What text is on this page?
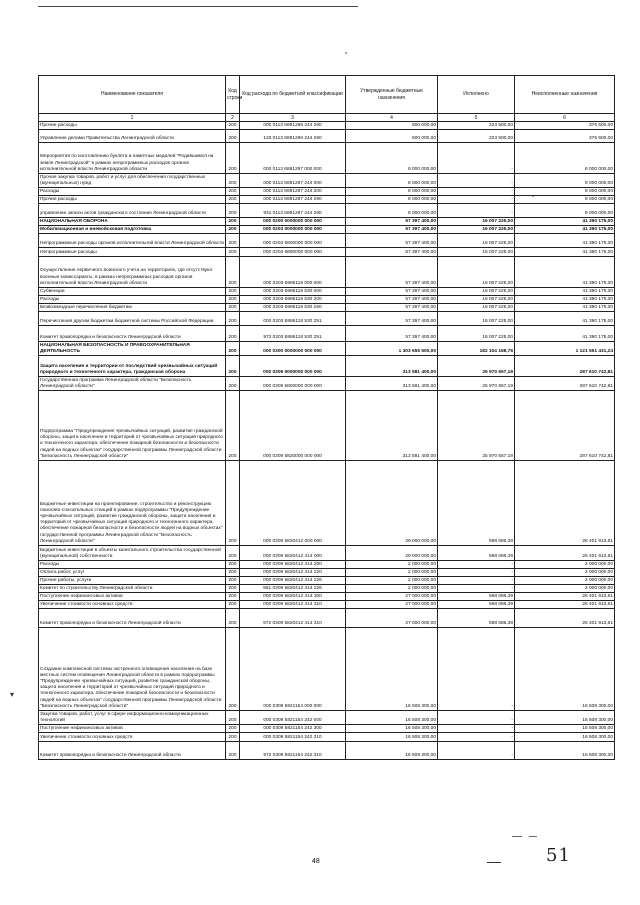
Наименование показателя	Код строки	Код расхода по бюджетной классификации	Утвержденные бюджетные назначения	Исполнено	Неисполненные назначения
1	2	3	4	5	6
Прочие расходы	200	000 0113 6891296 244 290	600 000,00	223 500,00	376 500,00
Управление делами Правительства Ленинградской области	200	133 0113 6891296 244 290	600 000,00	223 500,00	376 500,00
Мероприятия по изготовлению буклета и памятных медалей "Родившимся на земле Ленинградской" в рамках непрограммных расходов органов исполнительной власти Ленинградской области	200	000 0113 6891297 000 000	8 000 000,00	-	8 000 000,00
Прочая закупка товаров, работ и услуг для обеспечения государственных (муниципальных) нужд	200	000 0113 6891297 244 000	8 000 000,00	-	8 000 000,00
Расходы	200	000 0113 6891297 244 200	8 000 000,00	-	8 000 000,00
Прочие расходы	200	000 0113 6891297 244 290	8 000 000,00	-	8 000 000,00
управление записи актов гражданского состояния Ленинградской области	200	931 0113 6891297 244 290	8 000 000,00	-	8 000 000,00
НАЦИОНАЛЬНАЯ ОБОРОНА	200	000 0200 0000000 000 000	57 397 400,00	16 007 225,00	41 390 175,00
Мобилизационная и вневойсковая подготовка	200	000 0203 0000000 000 000	57 397 400,00	16 007 225,00	41 390 175,00
Непрограммные расходы органов исполнительной власти Ленинградской области	200	000 0203 6800000 000 000	57 397 400,00	16 007 225,00	41 390 175,00
Непрограммные расходы	200	000 0203 6890000 000 000	57 397 400,00	16 007 225,00	41 390 175,00
Осуществление первичного воинского учета на территориях, где отсутствуют военные комиссариаты, в рамках непрограммных расходов органов исполнительной власти Ленинградской области	200	000 0203 6895118 000 000	57 397 400,00	16 007 225,00	41 390 175,00
Субвенции	200	000 0203 6895118 530 000	57 397 400,00	16 007 225,00	41 390 175,00
Расходы	200	000 0203 6895118 530 200	57 397 400,00	16 007 225,00	41 390 175,00
Безвозмездные перечисления бюджетам	200	000 0203 6895118 530 250	57 397 400,00	16 007 225,00	41 390 175,00
Перечисления другим бюджетам бюджетной системы Российской Федерации	200	000 0203 6895118 530 251	57 397 400,00	16 007 225,00	41 390 175,00
Комитет правопорядка и безопасности Ленинградской области	200	972 0203 6895118 530 251	57 397 400,00	16 007 225,00	41 390 175,00
НАЦИОНАЛЬНАЯ БЕЗОПАСНОСТЬ И ПРАВООХРАНИТЕЛЬНАЯ ДЕЯТЕЛЬНОСТЬ	200	000 0300 0000000 000 000	1 303 655 600,00	182 104 168,76	1 121 551 431,24
Защита населения и территории от последствий чрезвычайных ситуаций природного и техногенного характера, гражданская оборона	200	000 0309 0000000 000 000	313 581 400,00	25 970 657,19	287 610 742,81
Государственная программа Ленинградской области "Безопасность Ленинградской области"	200	000 0309 5800000 000 000	313 581 400,00	25 970 657,19	287 610 742,81
Подпрограмма "Предупреждение чрезвычайных ситуаций, развитие гражданской обороны, защита населения и территорий от чрезвычайных ситуаций природного и техногенного характера, обеспечение пожарной безопасности и безопасности людей на водных объектах" государственной программы Ленинградской области "Безопасность Ленинградской области"	200	000 0309 5820000 000 000	313 581 400,00	25 970 657,19	287 610 742,81
Бюджетные инвестиции на проектирование, строительство и реконструкцию поисково-спасательных станций в рамках подпрограммы "Предупреждение чрезвычайных ситуаций, развитие гражданской обороны, защита населения и территорий от чрезвычайных ситуаций природного и техногенного характера, обеспечение пожарной безопасности и безопасности людей на водных объектах" государственной программы Ленинградской области "Безопасность Ленинградской области"	200	000 0309 5820412 000 000	29 000 000,00	598 086,39	28 401 913,61
Бюджетные инвестиции в объекты капитального строительства государственной (муниципальной) собственности	200	000 0309 5820412 414 000	29 000 000,00	598 086,39	28 401 913,61
Расходы	200	000 0309 5820412 414 200	2 000 000,00	-	2 000 000,00
Оплата работ, услуг	200	000 0309 5820412 414 220	2 000 000,00	-	2 000 000,00
Прочие работы, услуги	200	000 0309 5820412 414 226	2 000 000,00	-	2 000 000,00
Комитет по строительству Ленинградской области	200	981 0309 5820412 414 226	2 000 000,00	-	2 000 000,00
Поступление нефинансовых активов	200	000 0309 5820412 414 300	27 000 000,00	598 086,39	26 401 913,61
Увеличение стоимости основных средств	200	000 0309 5820412 414 310	27 000 000,00	598 086,39	26 401 913,61
Комитет правопорядка и безопасности Ленинградской области	200	972 0309 5820412 414 310	27 000 000,00	598 086,39	26 401 913,61
Создание комплексной системы экстренного оповещения населения на базе местных систем оповещения Ленинградской области в рамках подпрограммы "Предупреждение чрезвычайных ситуаций, развитие гражданской обороны, защита населения и территорий от чрезвычайных ситуаций природного и техногенного характера, обеспечение пожарной безопасности и безопасности людей на водных объектах" государственной программы Ленинградской области "Безопасность Ленинградской области"	200	000 0309 5821154 000 000	16 508 300,00	-	16 508 300,00
Закупка товаров, работ, услуг в сфере информационно-коммуникационных технологий	200	000 0309 5821154 242 000	16 508 300,00	-	16 508 300,00
Поступление нефинансовых активов	200	000 0309 5821154 242 300	16 508 300,00	-	16 508 300,00
Увеличение стоимости основных средств	200	000 0309 5821154 242 310	16 508 300,00	-	16 508 300,00
Комитет правопорядка и безопасности Ленинградской области	200	972 0309 5821154 242 310	16 508 300,00	-	16 508 300,00
▾
48	51
